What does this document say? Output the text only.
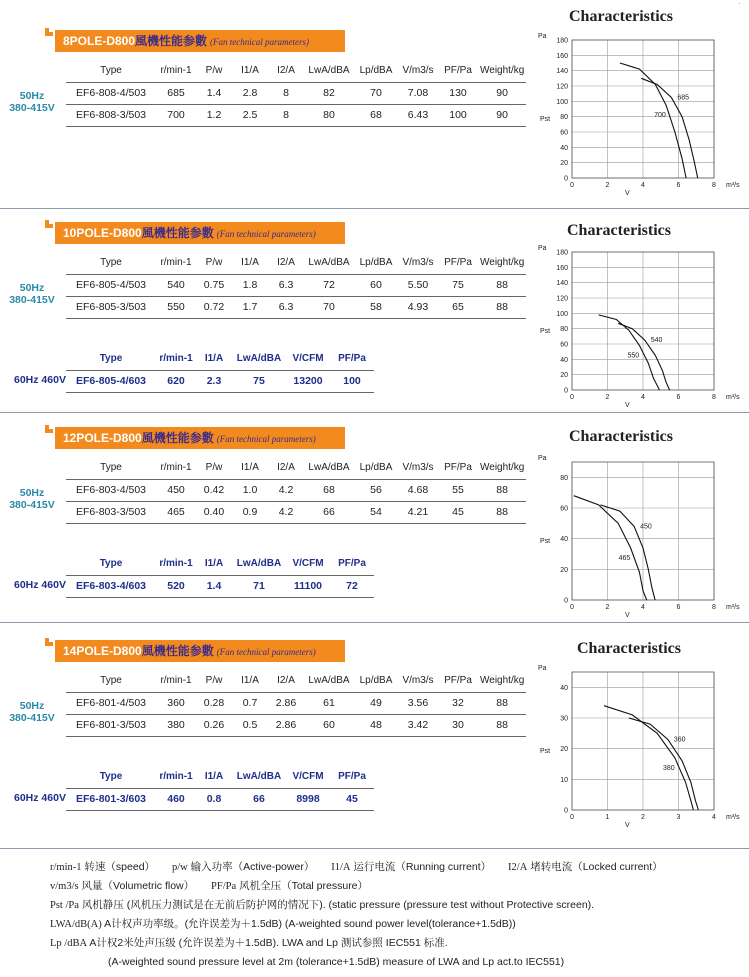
˙
8POLE-D800風機性能参數 (Fan technical parameters)
Characteristics
50Hz
380-415V
Type	r/min-1	P/w	I1/A	I2/A	LwA/dBA	Lp/dBA	V/m3/s	PF/Pa	Weight/kg
EF6-808-4/503	685	1.4	2.8	8	82	70	7.08	130	90
EF6-808-3/503	700	1.2	2.5	8	80	68	6.43	100	90
10POLE-D800風機性能参數 (Fan technical parameters)	Characteristics
50Hz
380-415V
Type	r/min-1	P/w	I1/A	I2/A	LwA/dBA	Lp/dBA	V/m3/s	PF/Pa	Weight/kg
EF6-805-4/503	540	0.75	1.8	6.3	72	60	5.50	75	88
EF6-805-3/503	550	0.72	1.7	6.3	70	58	4.93	65	88
60Hz 460V
Type	r/min-1	I1/A	LwA/dBA	V/CFM	PF/Pa
EF6-805-4/603	620	2.3	75	13200	100
12POLE-D800風機性能参數 (Fan technical parameters)	Characteristics
50Hz
380-415V
Type	r/min-1	P/w	I1/A	I2/A	LwA/dBA	Lp/dBA	V/m3/s	PF/Pa	Weight/kg
EF6-803-4/503	450	0.42	1.0	4.2	68	56	4.68	55	88
EF6-803-3/503	465	0.40	0.9	4.2	66	54	4.21	45	88
60Hz 460V
Type	r/min-1	I1/A	LwA/dBA	V/CFM	PF/Pa
EF6-803-4/603	520	1.4	71	11100	72
14POLE-D800風機性能参數 (Fan technical parameters)	Characteristics
50Hz
380-415V
Type	r/min-1	P/w	I1/A	I2/A	LwA/dBA	Lp/dBA	V/m3/s	PF/Pa	Weight/kg
EF6-801-4/503	360	0.28	0.7	2.86	61	49	3.56	32	88
EF6-801-3/503	380	0.26	0.5	2.86	60	48	3.42	30	88
60Hz 460V
Type	r/min-1	I1/A	LwA/dBA	V/CFM	PF/Pa
EF6-801-3/603	460	0.8	66	8998	45
0
20
40
60
80
100
120
140
160
180
0	2	4	6	8
Pa
Pst
m³/s
V
685
700
0
20
40
60
80
100
120
140
160
180
0	2	4	6	8
Pa
Pst
m³/s
V
540
550
0
20
40
60
80
0	2	4	6	8
Pa
Pst
m³/s
V
450
465
0
10
20
30
40
0	1	2	3	4
Pa
Pst
m³/s
V
360
380
r/min-1 转速（speed） p/w 输入功率（Active-power） I1/A 运行电流（Running current） I2/A 堵转电流（Locked current）
v/m3/s 风量（Volumetric flow） PF/Pa 风机全压（Total pressure）
Pst /Pa 风机静压 (风机压力测试是在无前后防护网的情况下). (static pressure (pressure test without Protective screen).
LWA/dB(A) A计权声功率级。(允许误差为＋1.5dB) (A-weighted sound power level(tolerance+1.5dB))
Lp /dBA A计权2米处声压级 (允许误差为＋1.5dB). LWA and Lp 测试参照 IEC551 标准.
(A-weighted sound pressure level at 2m (tolerance+1.5dB) measure of LWA and Lp act.to IEC551)
